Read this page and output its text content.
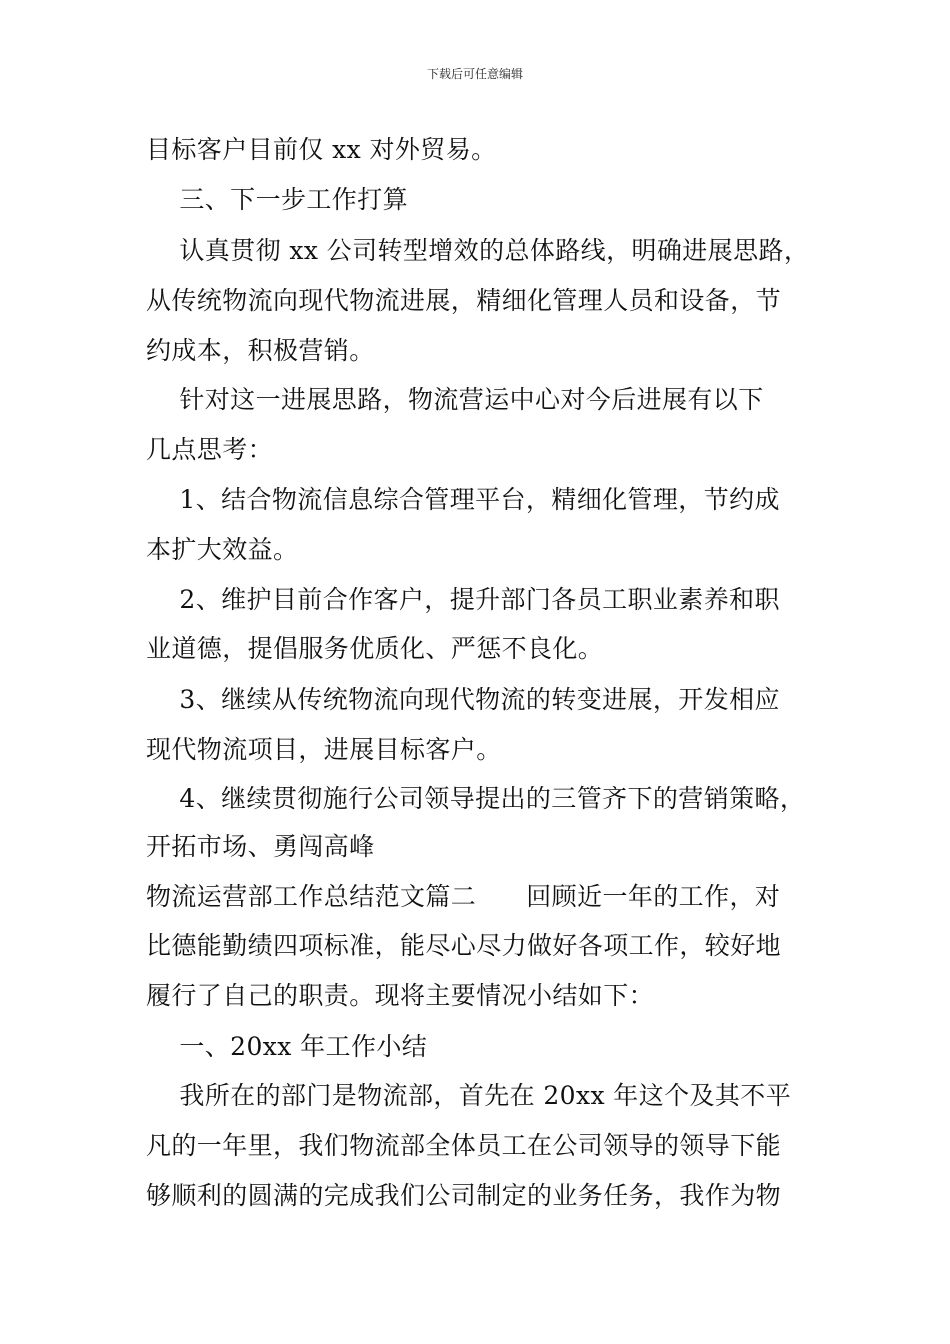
下载后可任意编辑
目标客户目前仅 xx 对外贸易。
三、下一步工作打算
认真贯彻 xx 公司转型增效的总体路线，明确进展思路，
从传统物流向现代物流进展，精细化管理人员和设备，节
约成本，积极营销。
针对这一进展思路，物流营运中心对今后进展有以下
几点思考：
1、结合物流信息综合管理平台，精细化管理，节约成
本扩大效益。
2、维护目前合作客户，提升部门各员工职业素养和职
业道德，提倡服务优质化、严惩不良化。
3、继续从传统物流向现代物流的转变进展，开发相应
现代物流项目，进展目标客户。
4、继续贯彻施行公司领导提出的三管齐下的营销策略，
开拓市场、勇闯高峰
物流运营部工作总结范文篇二      回顾近一年的工作，对
比德能勤绩四项标准，能尽心尽力做好各项工作，较好地
履行了自己的职责。现将主要情况小结如下：
一、20xx 年工作小结
我所在的部门是物流部，首先在 20xx 年这个及其不平
凡的一年里，我们物流部全体员工在公司领导的领导下能
够顺利的圆满的完成我们公司制定的业务任务，我作为物
